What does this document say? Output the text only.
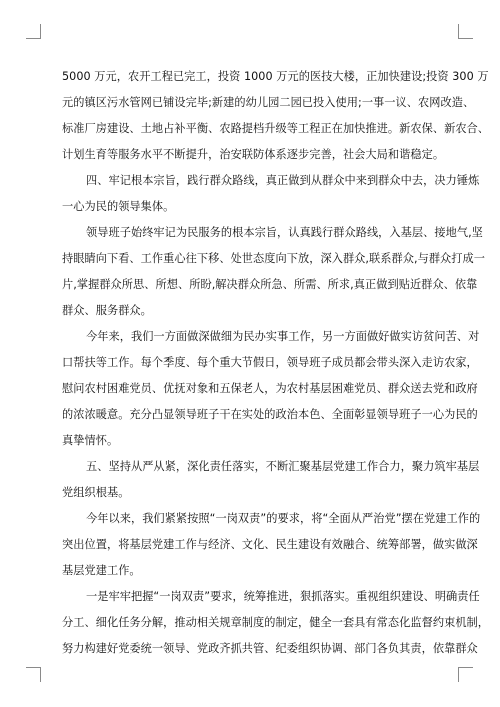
5000 万元，农开工程已完工，投资 1000 万元的医技大楼，正加快建设;投资 300 万
元的镇区污水管网已铺设完毕;新建的幼儿园二园已投入使用;一事一议、农网改造、
标准厂房建设、土地占补平衡、农路提档升级等工程正在加快推进。新农保、新农合、
计划生育等服务水平不断提升，治安联防体系逐步完善，社会大局和谐稳定。
四、牢记根本宗旨，践行群众路线，真正做到从群众中来到群众中去，决力锤炼
一心为民的领导集体。
领导班子始终牢记为民服务的根本宗旨，认真践行群众路线，入基层、接地气,坚
持眼睛向下看、工作重心往下移、处世态度向下放，深入群众,联系群众,与群众打成一
片,掌握群众所思、所想、所盼,解决群众所急、所需、所求,真正做到贴近群众、依靠
群众、服务群众。
今年来，我们一方面做深做细为民办实事工作，另一方面做好做实访贫问苦、对
口帮扶等工作。每个季度、每个重大节假日，领导班子成员都会带头深入走访农家，
慰问农村困难党员、优抚对象和五保老人，为农村基层困难党员、群众送去党和政府
的浓浓暖意。充分凸显领导班子干在实处的政治本色、全面彰显领导班子一心为民的
真挚情怀。
五、坚持从严从紧，深化责任落实，不断汇聚基层党建工作合力，聚力筑牢基层
党组织根基。
今年以来，我们紧紧按照“一岗双责”的要求，将“全面从严治党”摆在党建工作的
突出位置，将基层党建工作与经济、文化、民生建设有效融合、统筹部署，做实做深
基层党建工作。
一是牢牢把握“一岗双责”要求，统筹推进，狠抓落实。重视组织建设、明确责任
分工、细化任务分解，推动相关规章制度的制定，健全一套具有常态化监督约束机制，
努力构建好党委统一领导、党政齐抓共管、纪委组织协调、部门各负其责，依靠群众
